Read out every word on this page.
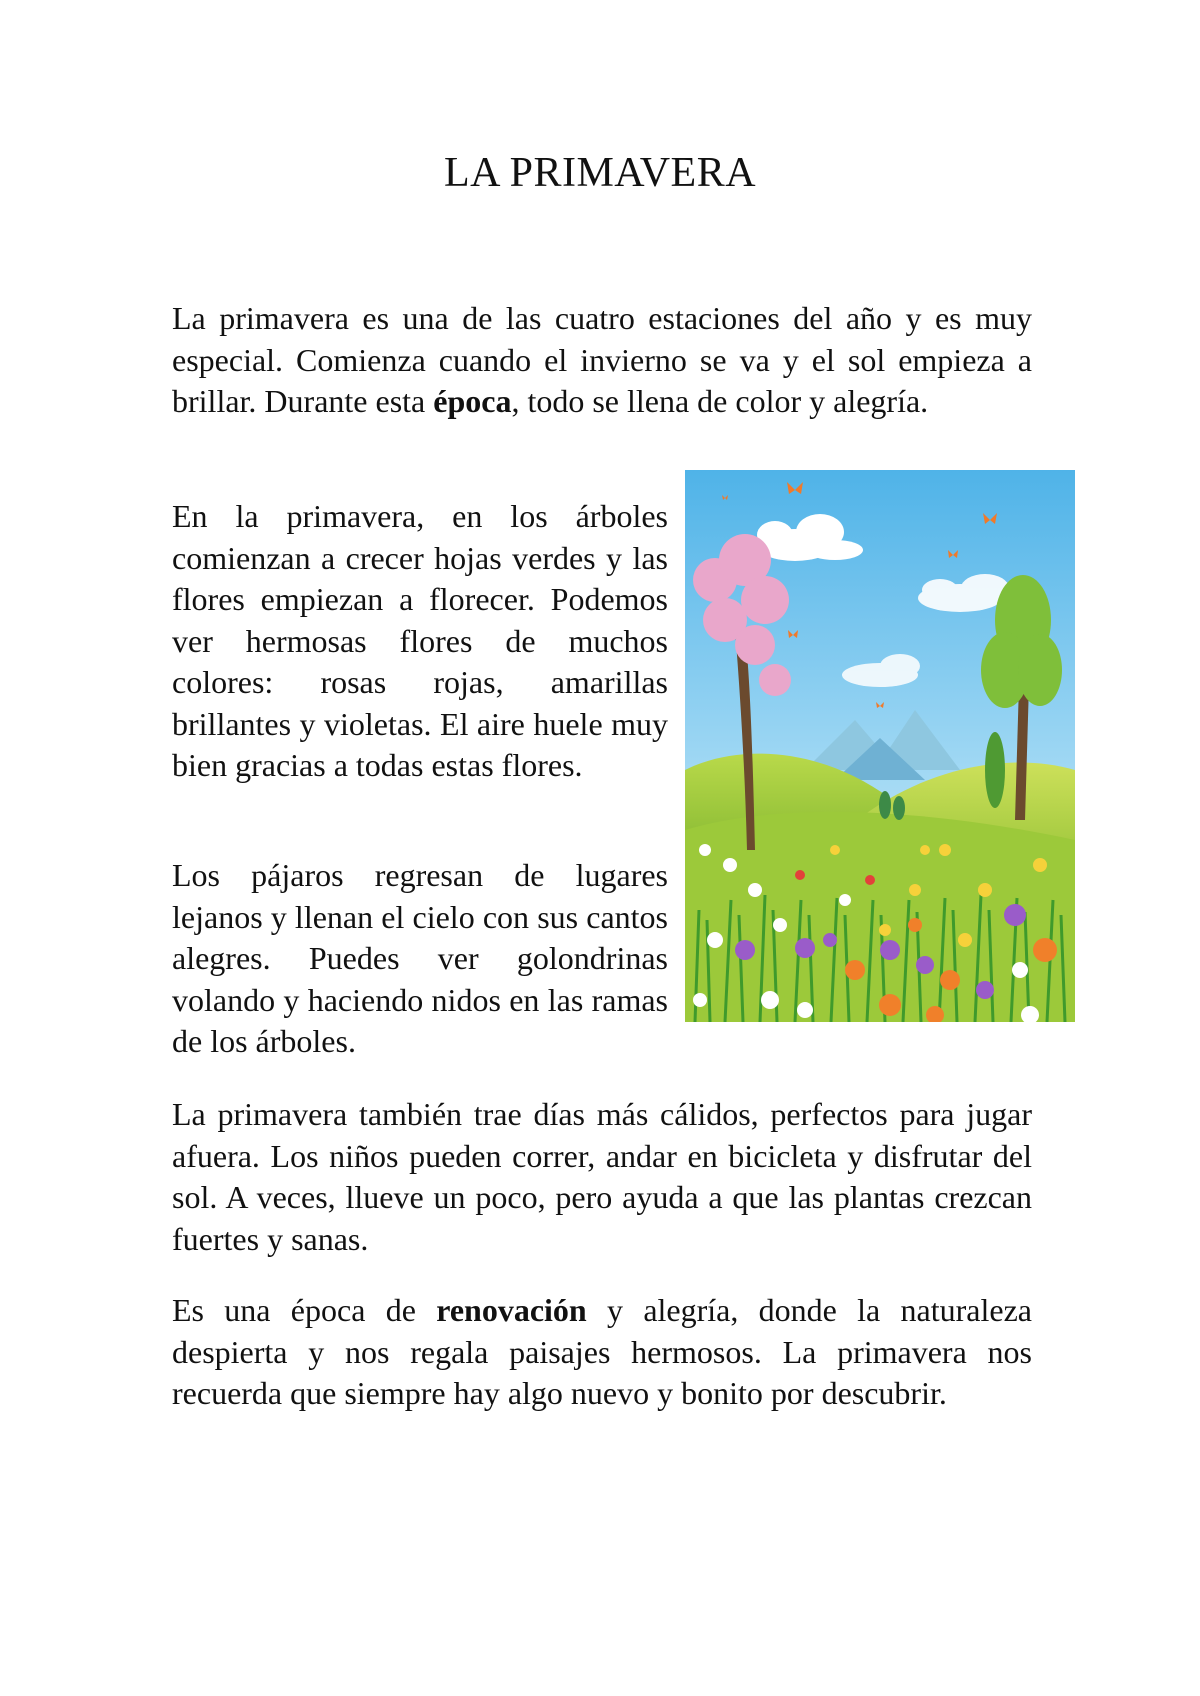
LA PRIMAVERA

La primavera es una de las cuatro estaciones del año y es muy especial. Comienza cuando el invierno se va y el sol empieza a brillar. Durante esta época, todo se llena de color y alegría.

En la primavera, en los árboles comienzan a crecer hojas verdes y las flores empiezan a florecer. Podemos ver hermosas flores de muchos colores: rosas rojas, amarillas brillantes y violetas. El aire huele muy bien gracias a todas estas flores.

Los pájaros regresan de lugares lejanos y llenan el cielo con sus cantos alegres. Puedes ver golondrinas volando y haciendo nidos en las ramas de los árboles.

La primavera también trae días más cálidos, perfectos para jugar afuera. Los niños pueden correr, andar en bicicleta y disfrutar del sol. A veces, llueve un poco, pero ayuda a que las plantas crezcan fuertes y sanas.

Es una época de renovación y alegría, donde la naturaleza despierta y nos regala paisajes hermosos. La primavera nos recuerda que siempre hay algo nuevo y bonito por descubrir.
